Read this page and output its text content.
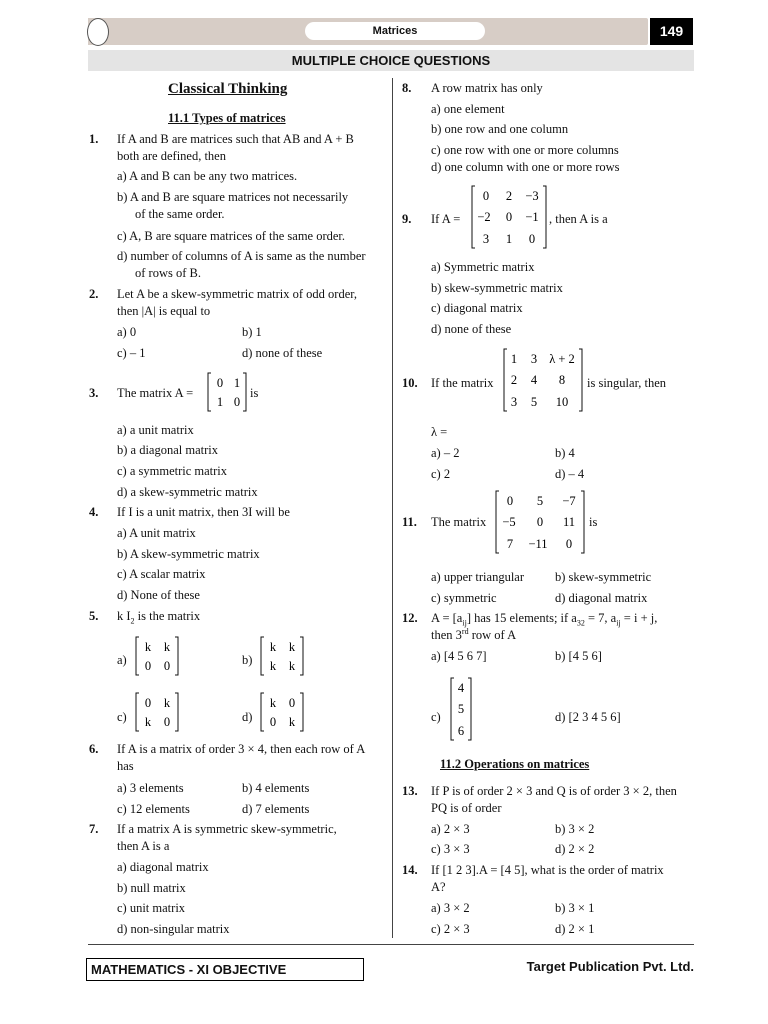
Matrices	149
MULTIPLE CHOICE QUESTIONS
Classical Thinking
11.1 Types of matrices
1. If A and B are matrices such that AB and A + B
both are defined, then
a) A and B can be any two matrices.
b) A and B are square matrices not necessarily
of the same order.
c) A, B are square matrices of the same order.
d) number of columns of A is same as the number
of rows of B.
2. Let A be a skew-symmetric matrix of odd order,
then |A| is equal to
a) 0	b) 1
c) – 1	d) none of these
3. The matrix A =
0 1
1 0
is
a) a unit matrix
b) a diagonal matrix
c) a symmetric matrix
d) a skew-symmetric matrix
4. If I is a unit matrix, then 3I will be
a) A unit matrix
b) A skew-symmetric matrix
c) A scalar matrix
d) None of these
5. k $I_2$ is the matrix
a)
k k
0 0	b)
k k
k k
c)
0 k
k 0	d)
k 0
0 k
6. If A is a matrix of order 3 × 4, then each row of A
has
a) 3 elements	b) 4 elements
c) 12 elements	d) 7 elements
7. If a matrix A is symmetric skew-symmetric,
then A is a
a) diagonal matrix
b) null matrix
c) unit matrix
d) non-singular matrix
8. A row matrix has only
a) one element
b) one row and one column
c) one row with one or more columns
d) one column with one or more rows
9. If A =
0 2 −3
−2 0 −1
3 1 0
, then A is a
a) Symmetric matrix
b) skew-symmetric matrix
c) diagonal matrix
d) none of these
10. If the matrix
1 3 λ + 2
2 4 8
3 5 10
is singular, then
λ =
a) – 2	b) 4
c) 2	d) – 4
11. The matrix
0 5 −7
−5 0 11
7 −11 0
is
a) upper triangular b) skew-symmetric
c) symmetric	d) diagonal matrix
12. $A = [a_{ij}]$ has 15 elements; if $a_{32} = 7$, $a_{ij} = i + j$,
then 3rd row of A
a) [4 5 6 7]	b) [4 5 6]
c)
4
5
6
d) [2 3 4 5 6]
11.2 Operations on matrices
13. If P is of order 2 × 3 and Q is of order 3 × 2, then
PQ is of order
a) 2 × 3	b) 3 × 2
c) 3 × 3	d) 2 × 2
14. If [1 2 3].A = [4 5], what is the order of matrix
A?
a) 3 × 2	b) 3 × 1
c) 2 × 3	d) 2 × 1
MATHEMATICS - XI OBJECTIVE	Target Publication Pvt. Ltd.
